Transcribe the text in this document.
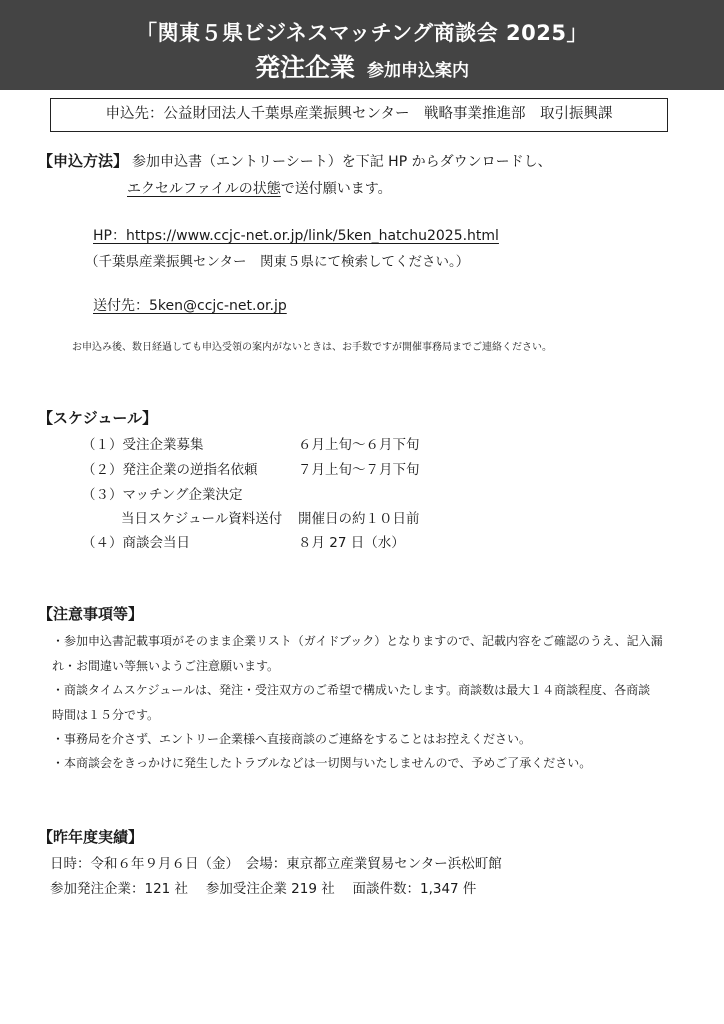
「関東５県ビジネスマッチング商談会 2025」
発注企業 参加申込案内
申込先：公益財団法人千葉県産業振興センター　戦略事業推進部　取引振興課
【申込方法】 参加申込書（エントリーシート）を下記 HP からダウンロードし、
エクセルファイルの状態で送付願います。
HP：https://www.ccjc-net.or.jp/link/5ken_hatchu2025.html
（千葉県産業振興センター　関東５県にて検索してください。）
送付先：5ken@ccjc-net.or.jp
お申込み後、数日経過しても申込受領の案内がないときは、お手数ですが開催事務局までご連絡ください。
【スケジュール】
（１）受注企業募集	６月上旬～６月下旬
（２）発注企業の逆指名依頼	７月上旬～７月下旬
（３）マッチング企業決定
当日スケジュール資料送付 開催日の約１０日前
（４）商談会当日	８月 27 日（水）
【注意事項等】
・参加申込書記載事項がそのまま企業リスト（ガイドブック）となりますので、記載内容をご確認のうえ、記入漏
れ・お間違い等無いようご注意願います。
・商談タイムスケジュールは、発注・受注双方のご希望で構成いたします。商談数は最大１４商談程度、各商談
時間は１５分です。
・事務局を介さず、エントリー企業様へ直接商談のご連絡をすることはお控えください。
・本商談会をきっかけに発生したトラブルなどは一切関与いたしませんので、予めご了承ください。
【昨年度実績】
日時：令和６年９月６日（金）　会場：東京都立産業貿易センター浜松町館
参加発注企業：121 社　 参加受注企業 219 社　 面談件数：1,347 件
